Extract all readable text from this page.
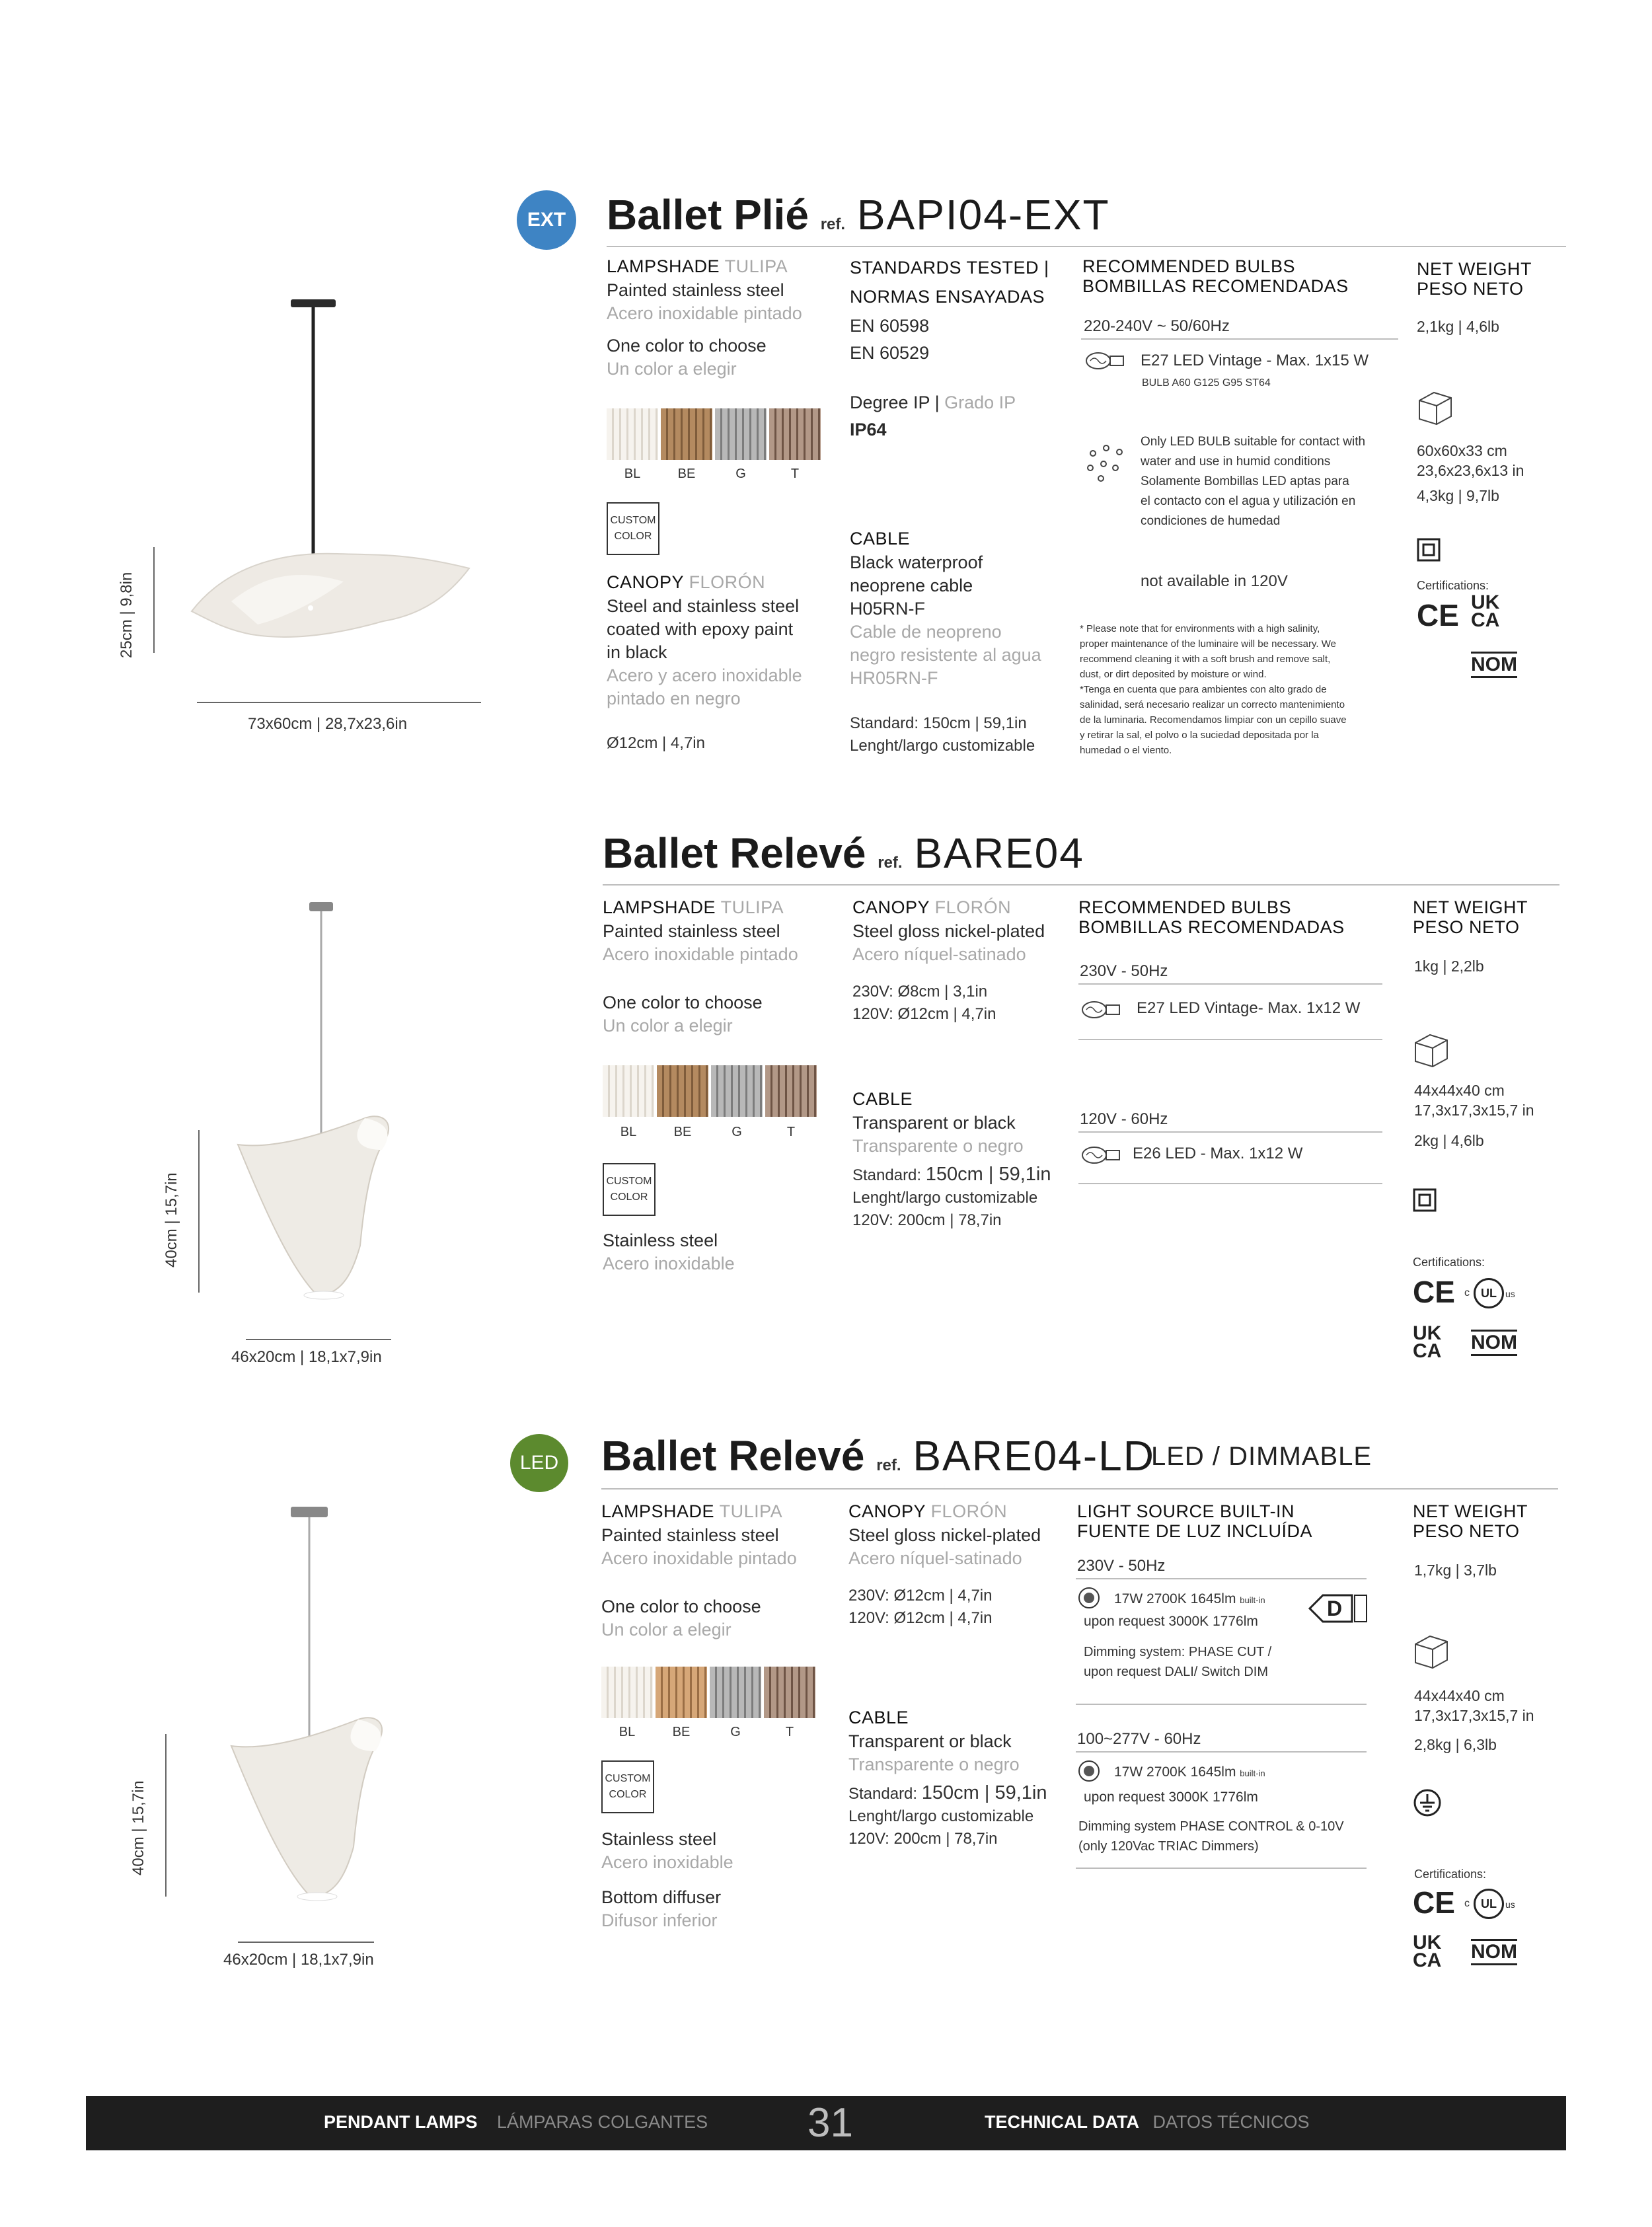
25cm | 9,8in
73x60cm | 28,7x23,6in
EXT Ballet Plié ref. BAPI04-EXT
LAMPSHADE TULIPA
Painted stainless steel
Acero inoxidable pintado
One color to choose
Un color a elegir
BL	BE	G	T
CUSTOM
COLOR
CANOPY FLORÓN
Steel and stainless steel
coated with epoxy paint
in black
Acero y acero inoxidable
pintado en negro
Ø12cm | 4,7in
STANDARDS TESTED |
NORMAS ENSAYADAS
EN 60598
EN 60529
Degree IP | Grado IP
IP64
CABLE
Black waterproof
neoprene cable
H05RN-F
Cable de neopreno
negro resistente al agua
HR05RN-F
Standard: 150cm | 59,1in
Lenght/largo customizable
RECOMMENDED BULBS
BOMBILLAS RECOMENDADAS
220-240V ~ 50/60Hz
E27 LED Vintage - Max. 1x15 W
BULB A60 G125 G95 ST64
Only LED BULB suitable for contact with
water and use in humid conditions
Solamente Bombillas LED aptas para
el contacto con el agua y utilización en
condiciones de humedad
not available in 120V
* Please note that for environments with a high salinity,
proper maintenance of the luminaire will be necessary. We
recommend cleaning it with a soft brush and remove salt,
dust, or dirt deposited by moisture or wind.
*Tenga en cuenta que para ambientes con alto grado de
salinidad, será necesario realizar un correcto mantenimiento
de la luminaria. Recomendamos limpiar con un cepillo suave
y retirar la sal, el polvo o la suciedad depositada por la
humedad o el viento.
NET WEIGHT
PESO NETO
2,1kg | 4,6lb
60x60x33 cm
23,6x23,6x13 in
4,3kg | 9,7lb
Certifications:
CE UK
CA
NOM
40cm | 15,7in
46x20cm | 18,1x7,9in
Ballet Relevé ref. BARE04
LAMPSHADE TULIPA
Painted stainless steel
Acero inoxidable pintado
One color to choose
Un color a elegir
BL	BE	G	T
CUSTOM
COLOR
Stainless steel
Acero inoxidable
CANOPY FLORÓN
Steel gloss nickel-plated
Acero níquel-satinado
230V: Ø8cm | 3,1in
120V: Ø12cm | 4,7in
CABLE
Transparent or black
Transparente o negro
Standard: 150cm | 59,1in
Lenght/largo customizable
120V: 200cm | 78,7in
RECOMMENDED BULBS
BOMBILLAS RECOMENDADAS
230V - 50Hz
E27 LED Vintage- Max. 1x12 W
120V - 60Hz
E26 LED - Max. 1x12 W
NET WEIGHT
PESO NETO
1kg | 2,2lb
44x44x40 cm
17,3x17,3x15,7 in
2kg | 4,6lb
Certifications:
CE c UL us
UK
CA NOM
40cm | 15,7in
46x20cm | 18,1x7,9in
LED Ballet Relevé ref. BARE04-LD
LED / DIMMABLE
LAMPSHADE TULIPA
Painted stainless steel
Acero inoxidable pintado
One color to choose
Un color a elegir
BL	BE	G	T
CUSTOM
COLOR
Stainless steel
Acero inoxidable
Bottom diffuser
Difusor inferior
CANOPY FLORÓN
Steel gloss nickel-plated
Acero níquel-satinado
230V: Ø12cm | 4,7in
120V: Ø12cm | 4,7in
CABLE
Transparent or black
Transparente o negro
Standard: 150cm | 59,1in
Lenght/largo customizable
120V: 200cm | 78,7in
LIGHT SOURCE BUILT-IN
FUENTE DE LUZ INCLUÍDA
230V - 50Hz
17W 2700K 1645lm built-in
upon request 3000K 1776lm
D
Dimming system: PHASE CUT /
upon request DALI/ Switch DIM
100~277V - 60Hz
17W 2700K 1645lm built-in
upon request 3000K 1776lm
Dimming system PHASE CONTROL & 0-10V
(only 120Vac TRIAC Dimmers)
NET WEIGHT
PESO NETO
1,7kg | 3,7lb
44x44x40 cm
17,3x17,3x15,7 in
2,8kg | 6,3lb
Certifications:
CE c UL us
UK
CA NOM
PENDANT LAMPS LÁMPARAS COLGANTES 31	TECHNICAL DATA DATOS TÉCNICOS
